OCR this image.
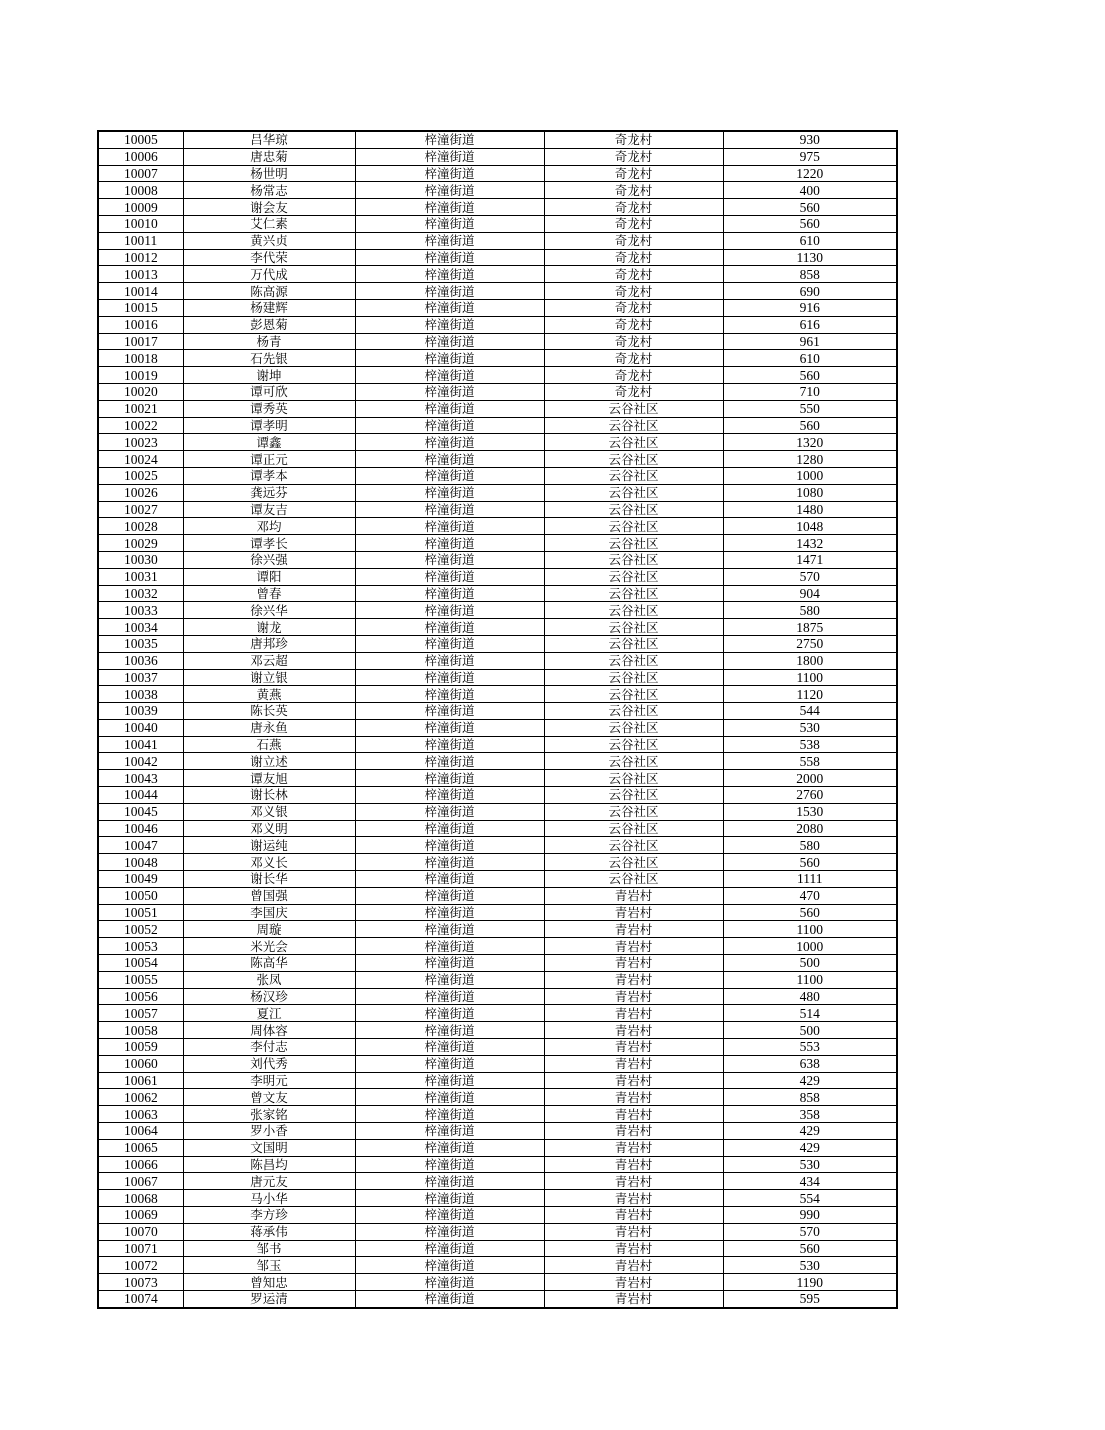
10005	吕华琼	梓潼街道	奇龙村	930
10006	唐忠菊	梓潼街道	奇龙村	975
10007	杨世明	梓潼街道	奇龙村	1220
10008	杨常志	梓潼街道	奇龙村	400
10009	谢会友	梓潼街道	奇龙村	560
10010	艾仁素	梓潼街道	奇龙村	560
10011	黄兴贞	梓潼街道	奇龙村	610
10012	李代荣	梓潼街道	奇龙村	1130
10013	万代成	梓潼街道	奇龙村	858
10014	陈高源	梓潼街道	奇龙村	690
10015	杨建辉	梓潼街道	奇龙村	916
10016	彭恩菊	梓潼街道	奇龙村	616
10017	杨青	梓潼街道	奇龙村	961
10018	石先银	梓潼街道	奇龙村	610
10019	谢坤	梓潼街道	奇龙村	560
10020	谭可欣	梓潼街道	奇龙村	710
10021	谭秀英	梓潼街道	云谷社区	550
10022	谭孝明	梓潼街道	云谷社区	560
10023	谭鑫	梓潼街道	云谷社区	1320
10024	谭正元	梓潼街道	云谷社区	1280
10025	谭孝本	梓潼街道	云谷社区	1000
10026	龚远芬	梓潼街道	云谷社区	1080
10027	谭友吉	梓潼街道	云谷社区	1480
10028	邓均	梓潼街道	云谷社区	1048
10029	谭孝长	梓潼街道	云谷社区	1432
10030	徐兴强	梓潼街道	云谷社区	1471
10031	谭阳	梓潼街道	云谷社区	570
10032	曾春	梓潼街道	云谷社区	904
10033	徐兴华	梓潼街道	云谷社区	580
10034	谢龙	梓潼街道	云谷社区	1875
10035	唐邦珍	梓潼街道	云谷社区	2750
10036	邓云超	梓潼街道	云谷社区	1800
10037	谢立银	梓潼街道	云谷社区	1100
10038	黄燕	梓潼街道	云谷社区	1120
10039	陈长英	梓潼街道	云谷社区	544
10040	唐永鱼	梓潼街道	云谷社区	530
10041	石燕	梓潼街道	云谷社区	538
10042	谢立述	梓潼街道	云谷社区	558
10043	谭友旭	梓潼街道	云谷社区	2000
10044	谢长林	梓潼街道	云谷社区	2760
10045	邓义银	梓潼街道	云谷社区	1530
10046	邓义明	梓潼街道	云谷社区	2080
10047	谢运纯	梓潼街道	云谷社区	580
10048	邓义长	梓潼街道	云谷社区	560
10049	谢长华	梓潼街道	云谷社区	1111
10050	曾国强	梓潼街道	青岩村	470
10051	李国庆	梓潼街道	青岩村	560
10052	周璇	梓潼街道	青岩村	1100
10053	米光会	梓潼街道	青岩村	1000
10054	陈高华	梓潼街道	青岩村	500
10055	张凤	梓潼街道	青岩村	1100
10056	杨汉珍	梓潼街道	青岩村	480
10057	夏江	梓潼街道	青岩村	514
10058	周体容	梓潼街道	青岩村	500
10059	李付志	梓潼街道	青岩村	553
10060	刘代秀	梓潼街道	青岩村	638
10061	李明元	梓潼街道	青岩村	429
10062	曾文友	梓潼街道	青岩村	858
10063	张家铭	梓潼街道	青岩村	358
10064	罗小香	梓潼街道	青岩村	429
10065	文国明	梓潼街道	青岩村	429
10066	陈昌均	梓潼街道	青岩村	530
10067	唐元友	梓潼街道	青岩村	434
10068	马小华	梓潼街道	青岩村	554
10069	李方珍	梓潼街道	青岩村	990
10070	蒋承伟	梓潼街道	青岩村	570
10071	邹书	梓潼街道	青岩村	560
10072	邹玉	梓潼街道	青岩村	530
10073	曾知忠	梓潼街道	青岩村	1190
10074	罗运清	梓潼街道	青岩村	595
